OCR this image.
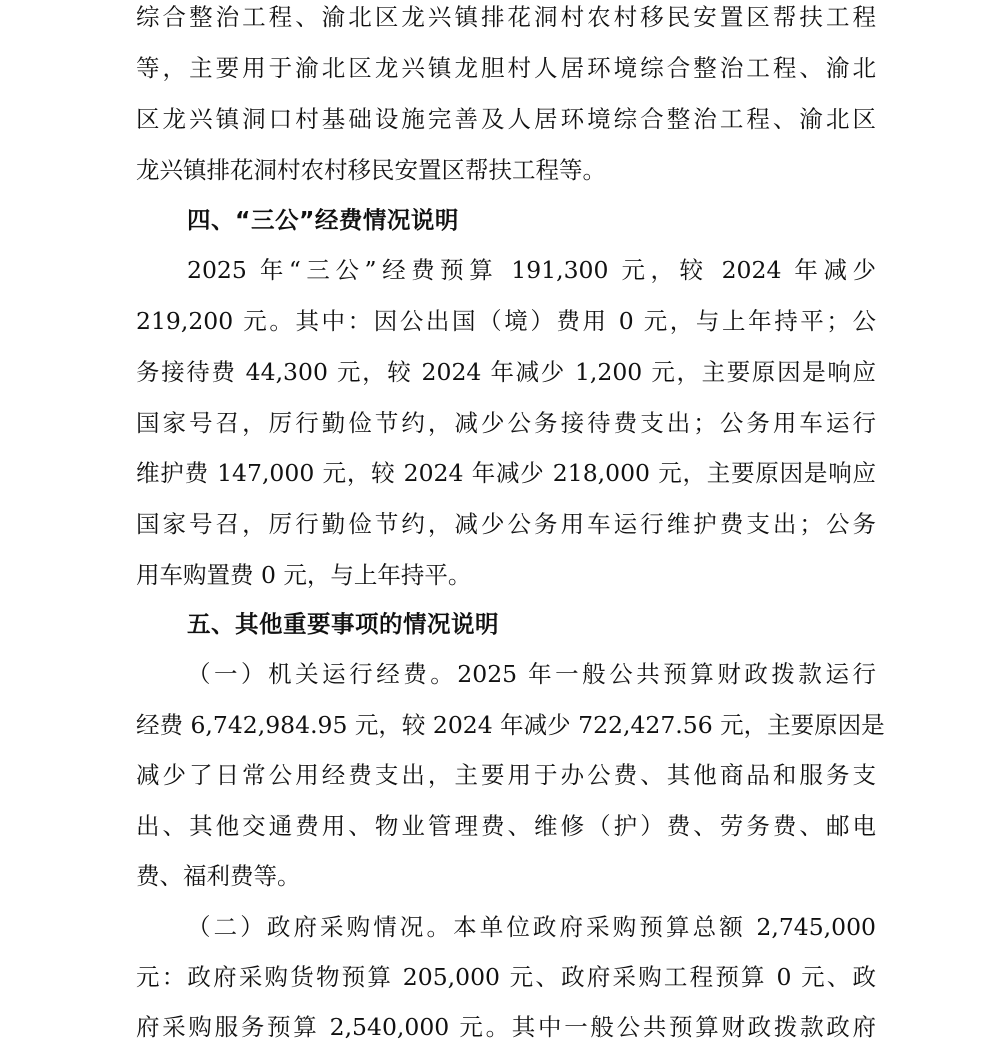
综合整治工程、渝北区龙兴镇排花洞村农村移民安置区帮扶工程
等，主要用于渝北区龙兴镇龙胆村人居环境综合整治工程、渝北
区龙兴镇洞口村基础设施完善及人居环境综合整治工程、渝北区
龙兴镇排花洞村农村移民安置区帮扶工程等。
四、“三公”经费情况说明
2025 年“三公”经费预算 191,300 元，较 2024 年减少
219,200 元。其中：因公出国（境）费用 0 元，与上年持平；公
务接待费 44,300 元，较 2024 年减少 1,200 元，主要原因是响应
国家号召，厉行勤俭节约，减少公务接待费支出；公务用车运行
维护费 147,000 元，较 2024 年减少 218,000 元，主要原因是响应
国家号召，厉行勤俭节约，减少公务用车运行维护费支出；公务
用车购置费 0 元，与上年持平。
五、其他重要事项的情况说明
（一）机关运行经费。2025 年一般公共预算财政拨款运行
经费 6,742,984.95 元，较 2024 年减少 722,427.56 元，主要原因是
减少了日常公用经费支出，主要用于办公费、其他商品和服务支
出、其他交通费用、物业管理费、维修（护）费、劳务费、邮电
费、福利费等。
（二）政府采购情况。本单位政府采购预算总额 2,745,000
元：政府采购货物预算 205,000 元、政府采购工程预算 0 元、政
府采购服务预算 2,540,000 元。其中一般公共预算财政拨款政府
